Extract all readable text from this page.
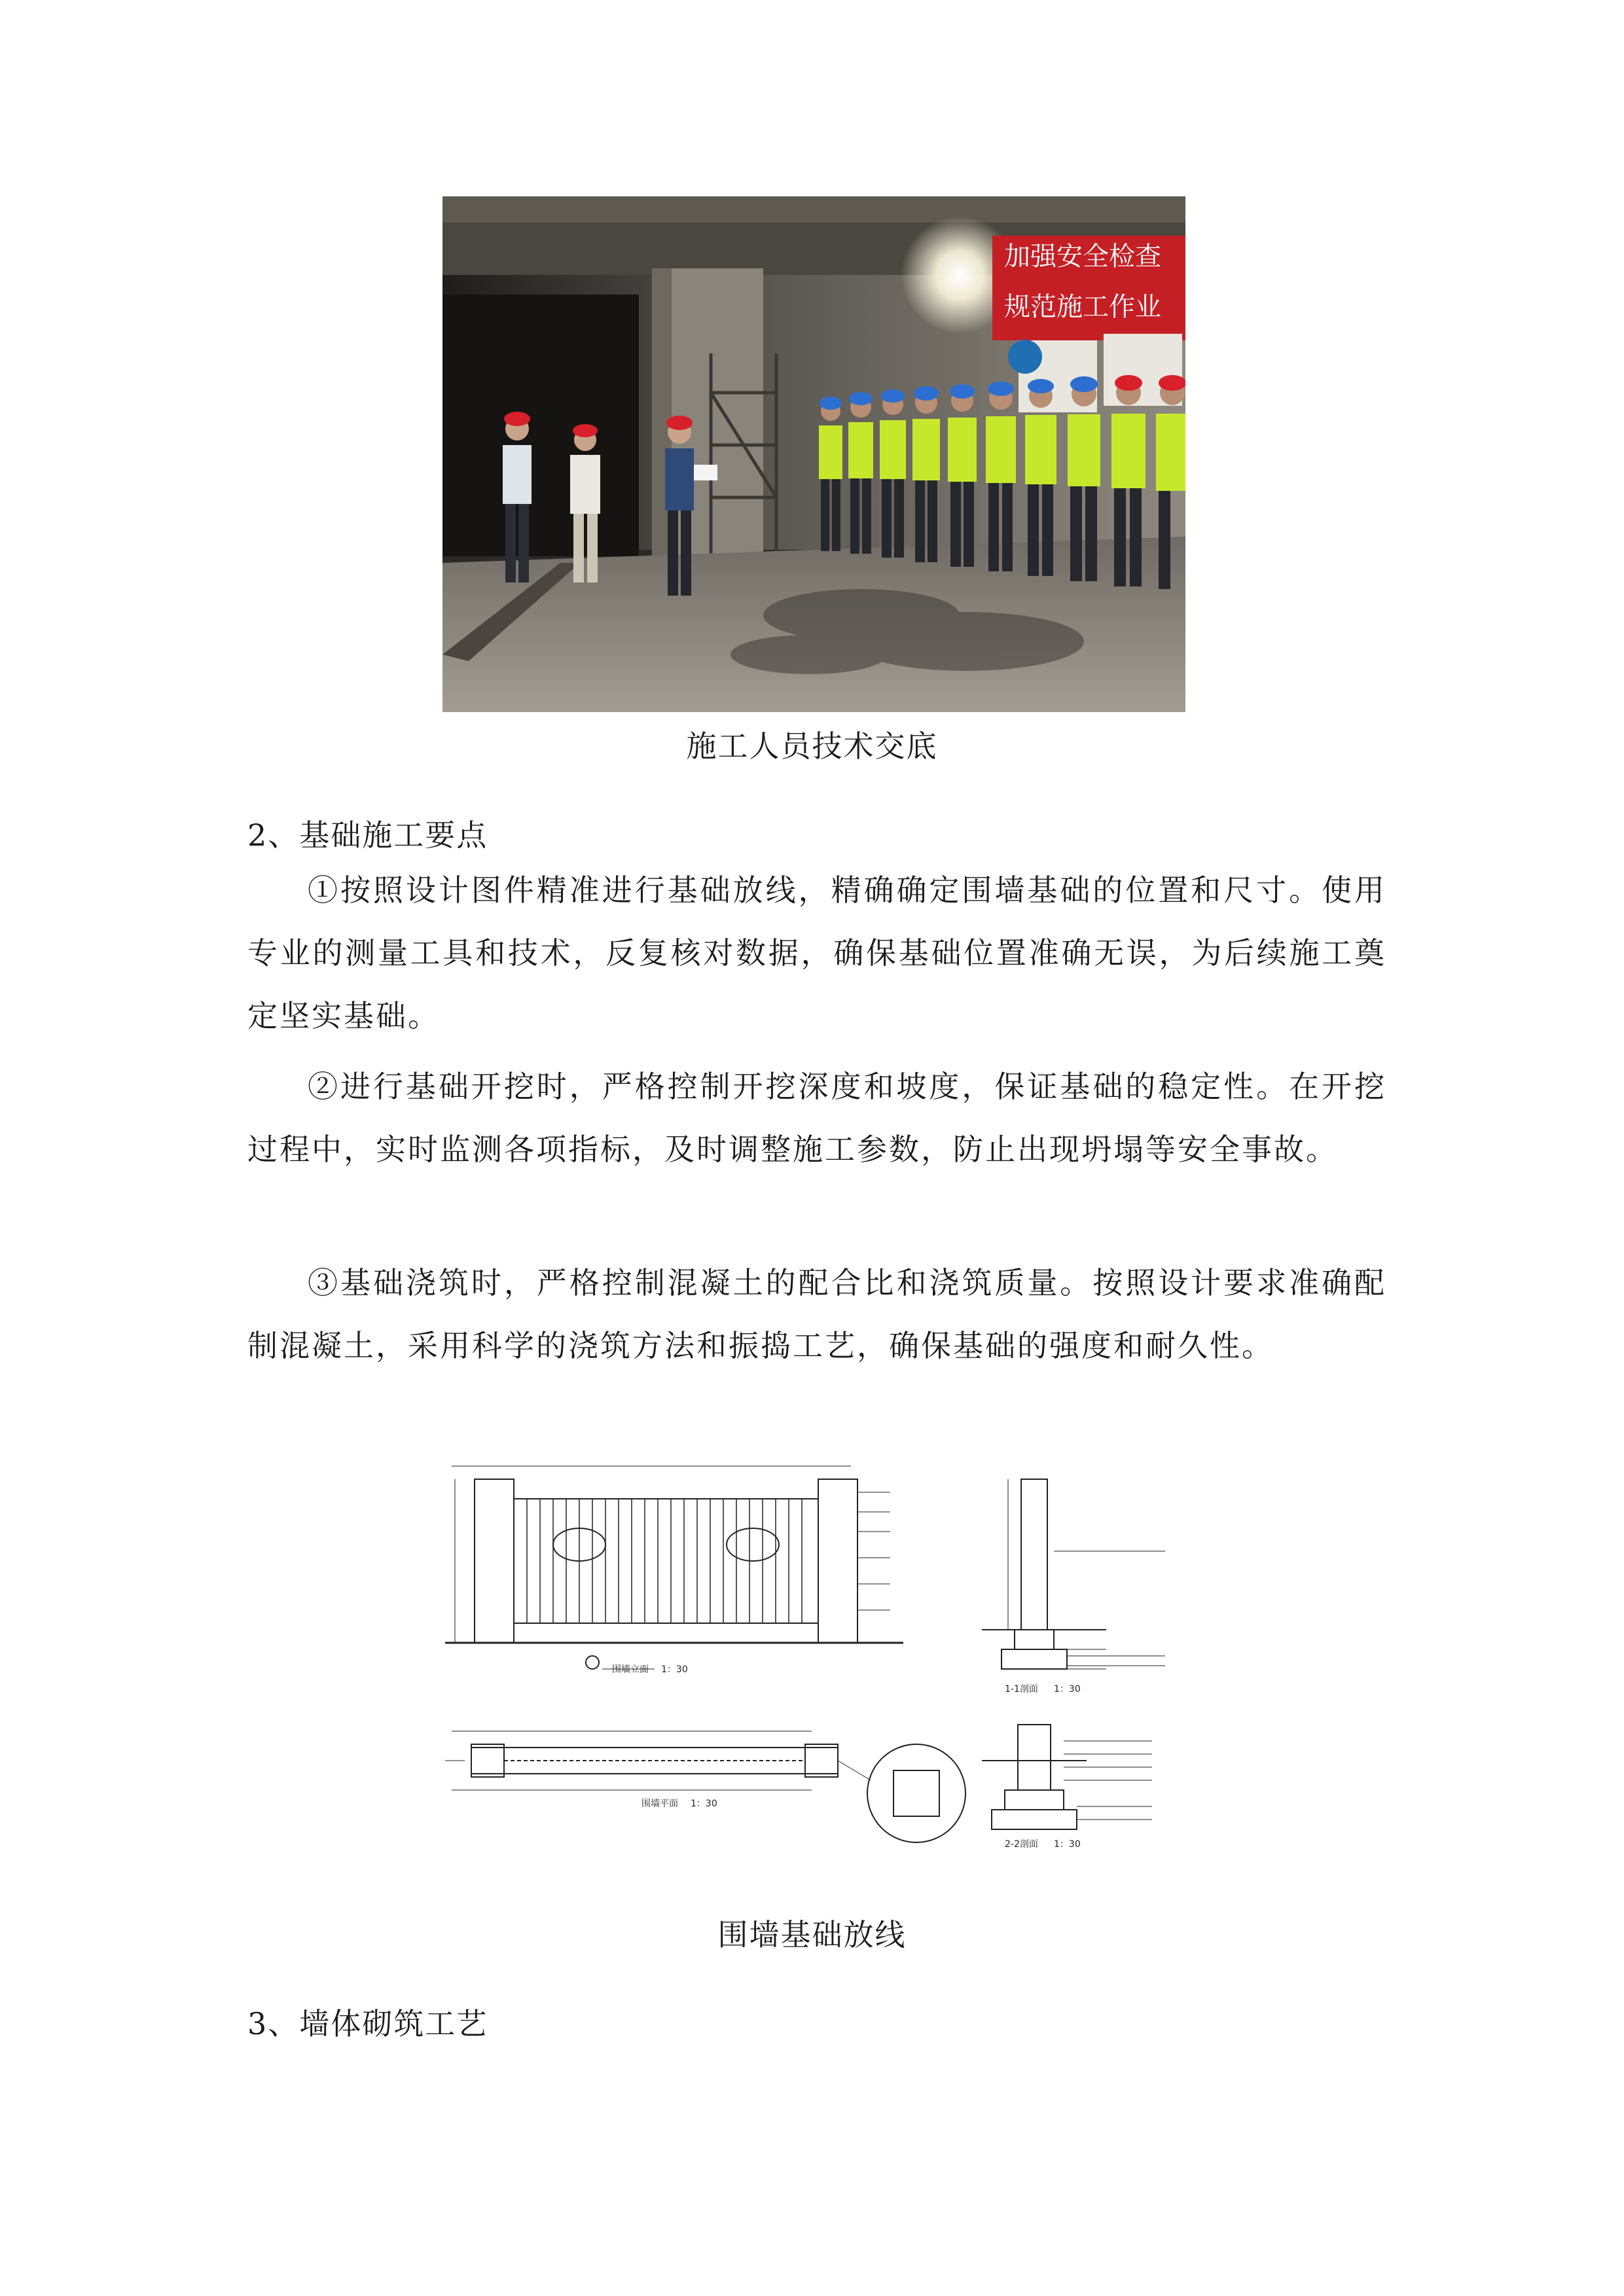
加强安全检查
规范施工作业
施工人员技术交底
2、基础施工要点

①按照设计图件精准进行基础放线，精确确定围墙基础的位置和尺寸。使用专业的测量工具和技术，反复核对数据，确保基础位置准确无误，为后续施工奠定坚实基础。

②进行基础开挖时，严格控制开挖深度和坡度，保证基础的稳定性。在开挖过程中，实时监测各项指标，及时调整施工参数，防止出现坍塌等安全事故。

③基础浇筑时，严格控制混凝土的配合比和浇筑质量。按照设计要求准确配制混凝土，采用科学的浇筑方法和振捣工艺，确保基础的强度和耐久性。

围墙立面 1：30
围墙平面 1：30
1-1剖面 1：30
2-2剖面 1：30
围墙基础放线
3、墙体砌筑工艺
